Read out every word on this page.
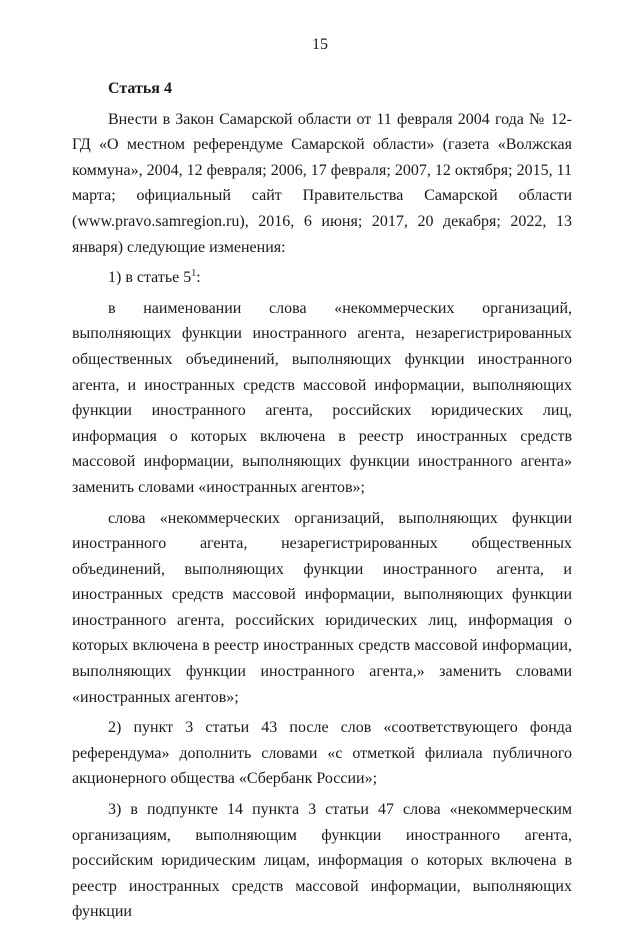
15

Статья 4

Внести в Закон Самарской области от 11 февраля 2004 года № 12-ГД «О местном референдуме Самарской области» (газета «Волжская коммуна», 2004, 12 февраля; 2006, 17 февраля; 2007, 12 октября; 2015, 11 марта; официальный сайт Правительства Самарской области (www.pravo.samregion.ru), 2016, 6 июня; 2017, 20 декабря; 2022, 13 января) следующие изменения:

1) в статье $5^1$:

в наименовании слова «некоммерческих организаций, выполняющих функции иностранного агента, незарегистрированных общественных объединений, выполняющих функции иностранного агента, и иностранных средств массовой информации, выполняющих функции иностранного агента, российских юридических лиц, информация о которых включена в реестр иностранных средств массовой информации, выполняющих функции иностранного агента» заменить словами «иностранных агентов»;

слова «некоммерческих организаций, выполняющих функции иностранного агента, незарегистрированных общественных объединений, выполняющих функции иностранного агента, и иностранных средств массовой информации, выполняющих функции иностранного агента, российских юридических лиц, информация о которых включена в реестр иностранных средств массовой информации, выполняющих функции иностранного агента,» заменить словами «иностранных агентов»;

2) пункт 3 статьи 43 после слов «соответствующего фонда референдума» дополнить словами «с отметкой филиала публичного акционерного общества «Сбербанк России»;

3) в подпункте 14 пункта 3 статьи 47 слова «некоммерческим организациям, выполняющим функции иностранного агента, российским юридическим лицам, информация о которых включена в реестр иностранных средств массовой информации, выполняющих функции
